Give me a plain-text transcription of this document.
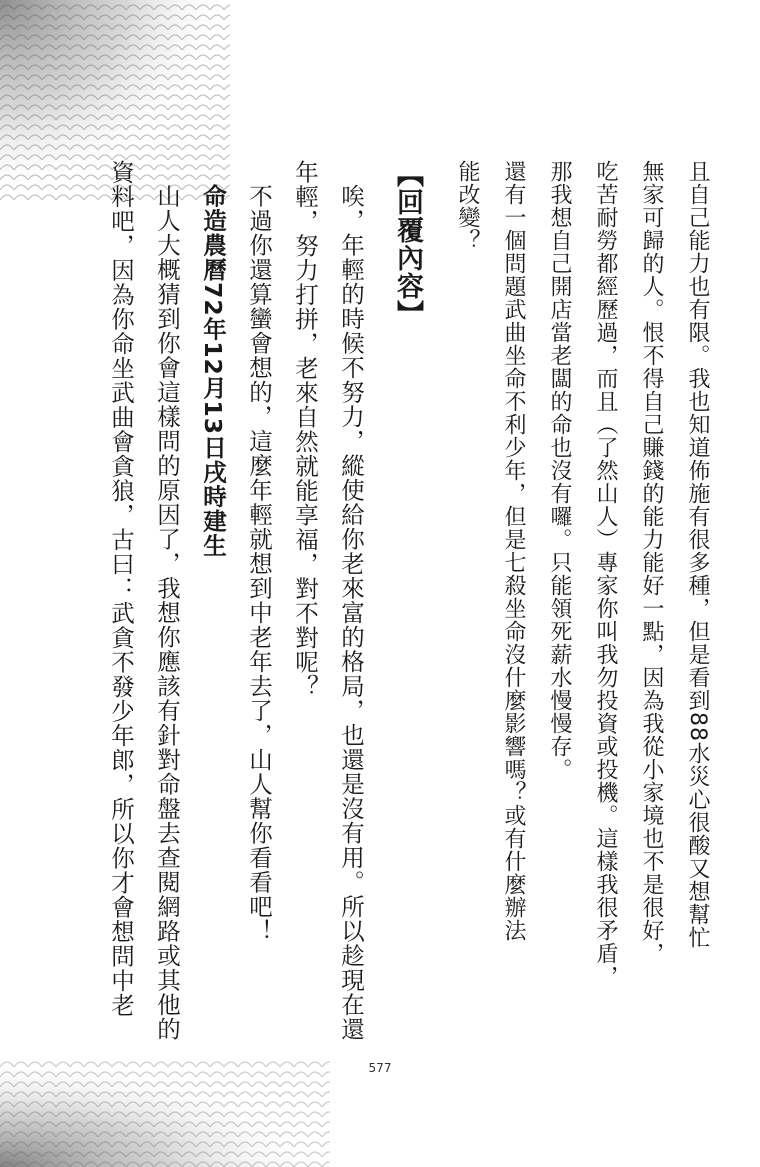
且自己能力也有限。我也知道佈施有很多種，但是看到88水災心很酸又想幫忙

無家可歸的人。恨不得自己賺錢的能力能好一點，因為我從小家境也不是很好，

吃苦耐勞都經歷過，而且（了然山人）專家你叫我勿投資或投機。這樣我很矛盾，

那我想自己開店當老闆的命也沒有囉。只能領死薪水慢慢存。

還有一個問題武曲坐命不利少年，但是七殺坐命沒什麼影響嗎？或有什麼辦法

能改變？

【回覆內容】

唉，年輕的時候不努力，縱使給你老來富的格局，也還是沒有用。所以趁現在還年輕，努力打拼，老來自然就能享福，對不對呢？

不過你還算蠻會想的，這麼年輕就想到中老年去了，山人幫你看看吧！

命造農曆72年12月13日戌時建生

山人大概猜到你會這樣問的原因了，我想你應該有針對命盤去查閱網路或其他的資料吧，因為你命坐武曲會貪狼，古曰：武貪不發少年郎，所以你才會想問中老

577
